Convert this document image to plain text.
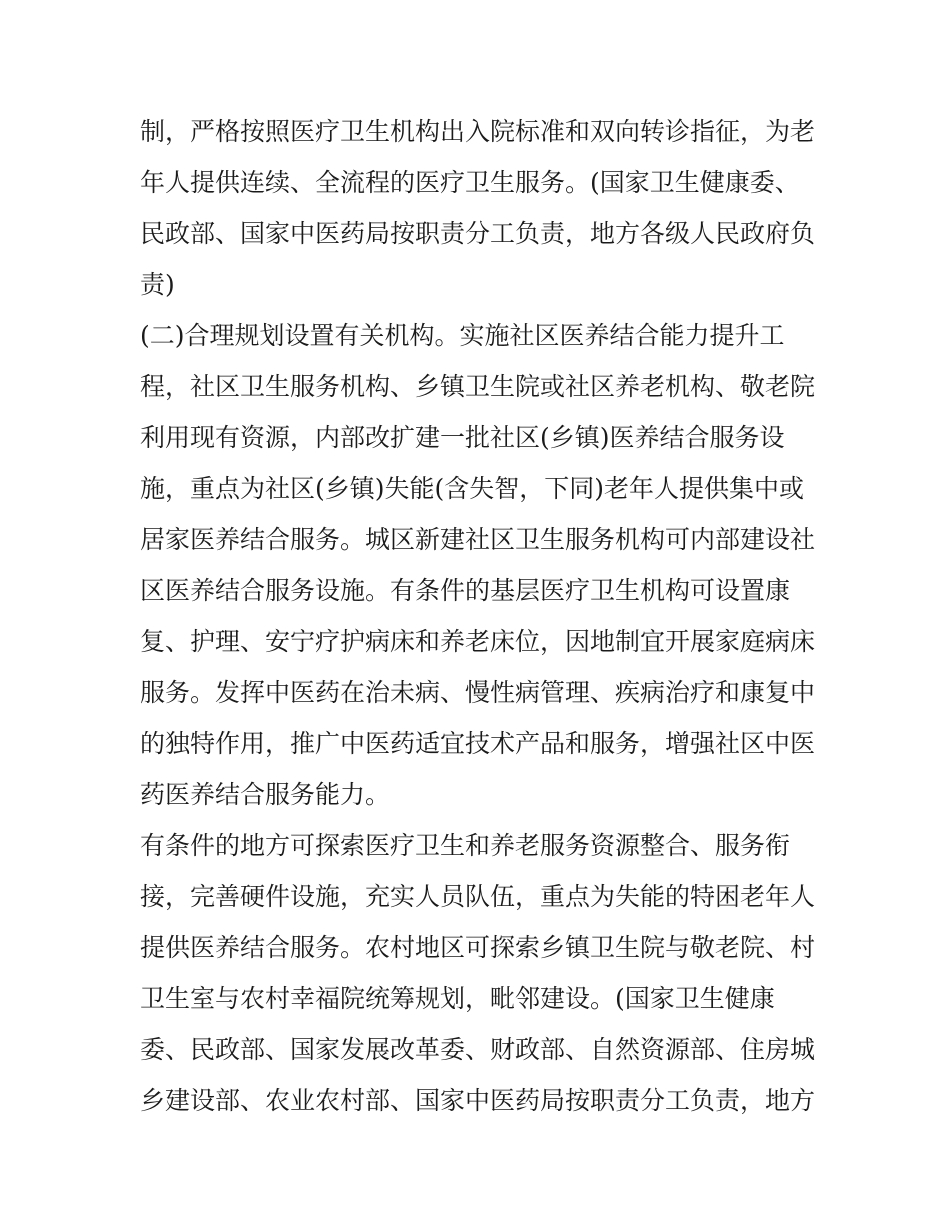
制，严格按照医疗卫生机构出入院标准和双向转诊指征，为老
年人提供连续、全流程的医疗卫生服务。(国家卫生健康委、
民政部、国家中医药局按职责分工负责，地方各级人民政府负
责)
(二)合理规划设置有关机构。实施社区医养结合能力提升工
程，社区卫生服务机构、乡镇卫生院或社区养老机构、敬老院
利用现有资源，内部改扩建一批社区(乡镇)医养结合服务设
施，重点为社区(乡镇)失能(含失智，下同)老年人提供集中或
居家医养结合服务。城区新建社区卫生服务机构可内部建设社
区医养结合服务设施。有条件的基层医疗卫生机构可设置康
复、护理、安宁疗护病床和养老床位，因地制宜开展家庭病床
服务。发挥中医药在治未病、慢性病管理、疾病治疗和康复中
的独特作用，推广中医药适宜技术产品和服务，增强社区中医
药医养结合服务能力。
有条件的地方可探索医疗卫生和养老服务资源整合、服务衔
接，完善硬件设施，充实人员队伍，重点为失能的特困老年人
提供医养结合服务。农村地区可探索乡镇卫生院与敬老院、村
卫生室与农村幸福院统筹规划，毗邻建设。(国家卫生健康
委、民政部、国家发展改革委、财政部、自然资源部、住房城
乡建设部、农业农村部、国家中医药局按职责分工负责，地方
